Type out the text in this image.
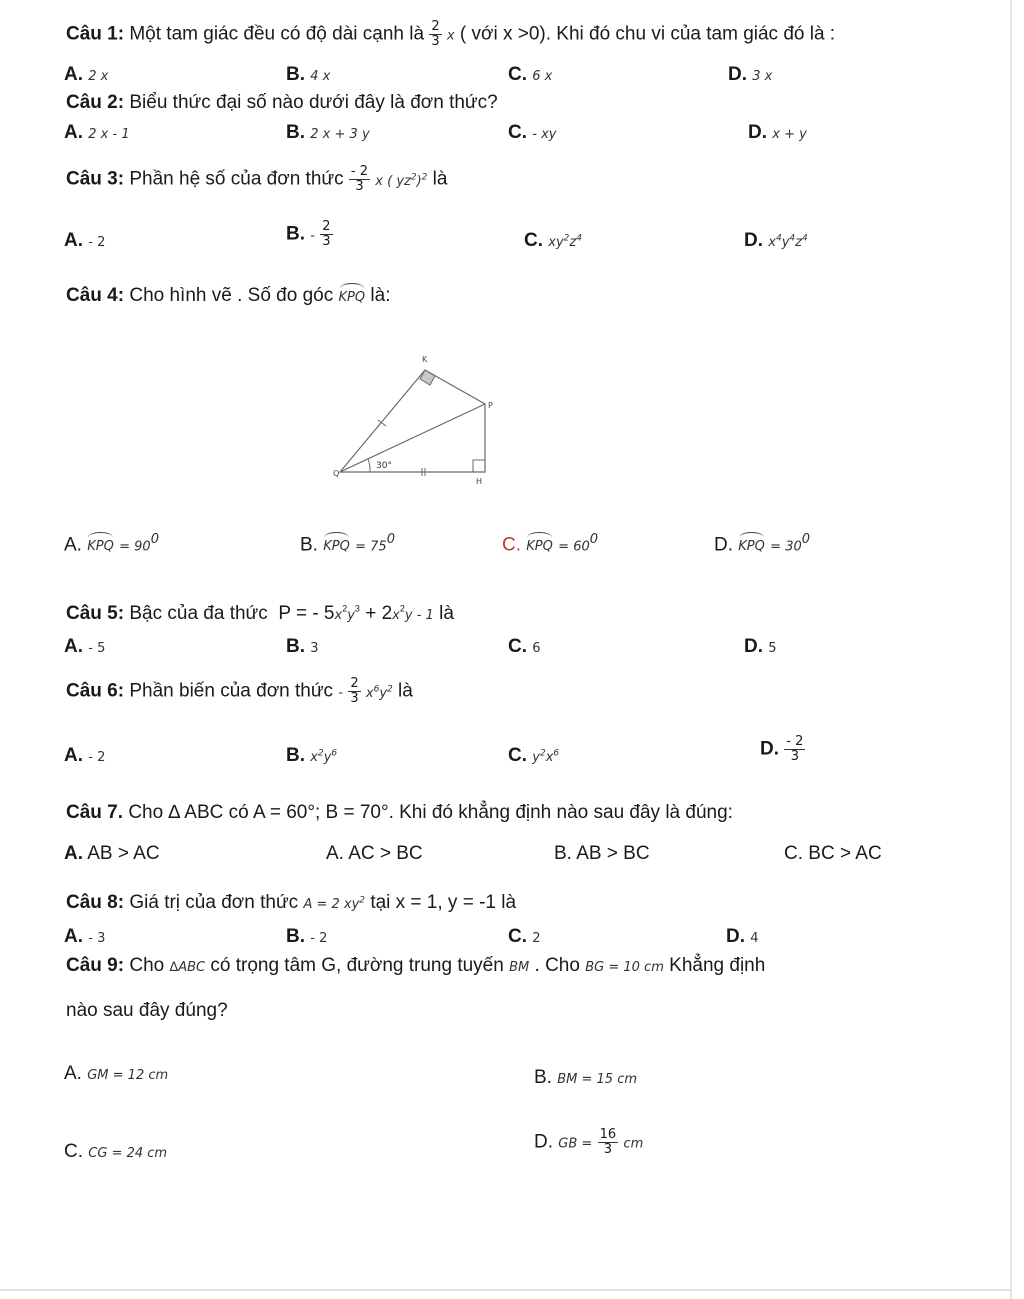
Câu 1: Một tam giác đều có độ dài cạnh là $\frac{2}{3}$ x ( với x >0). Khi đó chu vi của tam giác đó là :
A. 2 x	B. 4 x	C. 6 x	D. 3 x
Câu 2: Biểu thức đại số nào dưới đây là đơn thức?
A. 2 x - 1	B. 2 x + 3 y	C. - xy	D. x + y
Câu 3: Phần hệ số của đơn thức $\frac{- 2}{3}$ x ( $yz^2)^2$ là
A. - 2	B. - $\frac{2}{3}$	C. $xy^2z^4$	D. $x^4y^4z^4$
Câu 4: Cho hình vẽ . Số đo góc KPQ là:
K
P
Q
H
30°
A. KPQ = $90^0$	B. KPQ = $75^0$	C. KPQ = $60^0$	D. KPQ = $30^0$
Câu 5: Bậc của đa thức P = - $5x^2y^3 + 2x^2y - 1$ là
A. - 5	B. 3	C. 6	D. 5
Câu 6: Phần biến của đơn thức - $\frac{2}{3} x^6y^2$ là
A. - 2	B. $x^2y^6$	C. $y^2x^6$	D. $\frac{- 2}{3}$
Câu 7. Cho ∆ ABC có A = 60°; B = 70°. Khi đó khẳng định nào sau đây là đúng:
A. AB > AC	A. AC > BC	B. AB > BC	C. BC > AC
Câu 8: Giá trị của đơn thức A = 2 $xy^2$ tại x = 1, y = -1 là
A. - 3	B. - 2	C. 2	D. 4
Câu 9: Cho ∆ABC có trọng tâm G, đường trung tuyến BM . Cho BG = 10 cm Khẳng định
nào sau đây đúng?
A. GM = 12 cm	B. BM = 15 cm
C. CG = 24 cm
D. GB = $\frac{16}{3}$ cm
